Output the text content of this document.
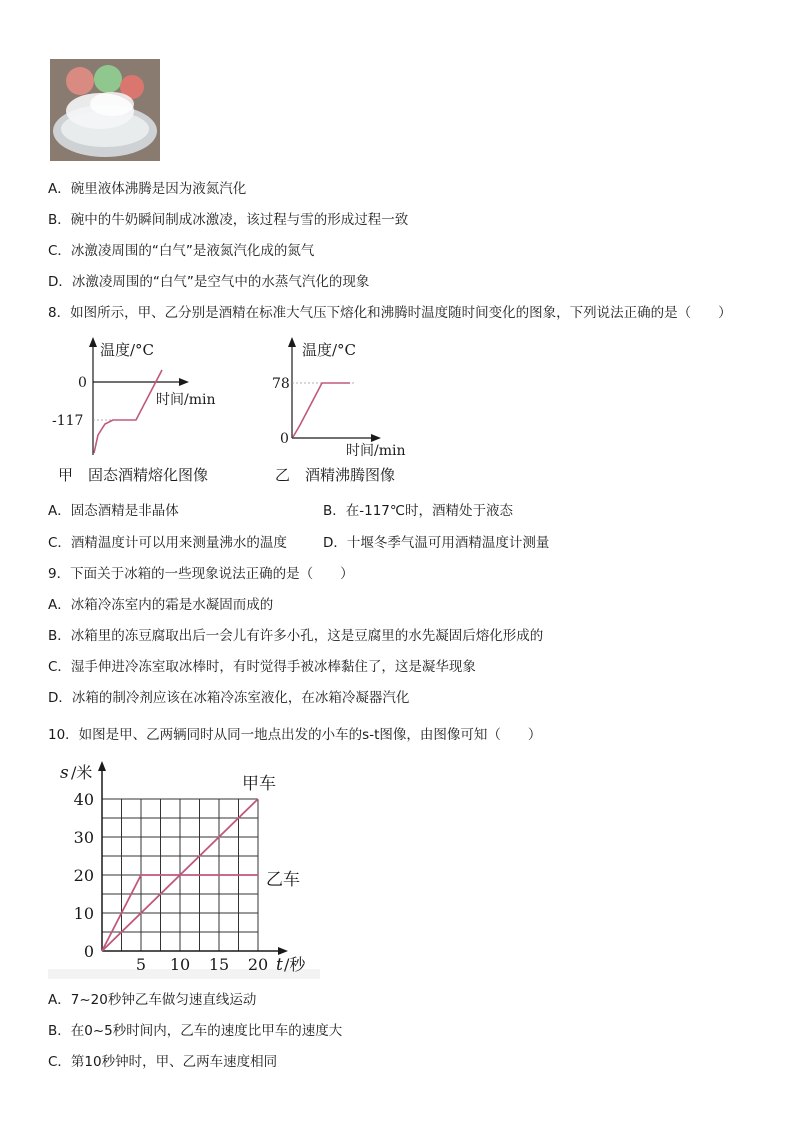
A．碗里液体沸腾是因为液氮汽化
B．碗中的牛奶瞬间制成冰激凌，该过程与雪的形成过程一致
C．冰激凌周围的“白气”是液氮汽化成的氮气
D．冰激凌周围的“白气”是空气中的水蒸气汽化的现象
8．如图所示，甲、乙分别是酒精在标准大气压下熔化和沸腾时温度随时间变化的图象，下列说法正确的是（　　）
温度/°C
时间/min
0
-117
甲　固态酒精熔化图像
温度/°C
时间/min
0
78
乙　酒精沸腾图像
A．固态酒精是非晶体	B．在-117℃时，酒精处于液态
C．酒精温度计可以用来测量沸水的温度	D．十堰冬季气温可用酒精温度计测量
9．下面关于冰箱的一些现象说法正确的是（　　）
A．冰箱冷冻室内的霜是水凝固而成的
B．冰箱里的冻豆腐取出后一会儿有许多小孔，这是豆腐里的水先凝固后熔化形成的
C．湿手伸进冷冻室取冰棒时，有时觉得手被冰棒黏住了，这是凝华现象
D．冰箱的制冷剂应该在冰箱冷冻室液化，在冰箱冷凝器汽化
10．如图是甲、乙两辆同时从同一地点出发的小车的s-t图像，由图像可知（　　）
5 10 15 20
10
20
30
40
0
s /米
t /秒
甲车
乙车
A．7~20秒钟乙车做匀速直线运动
B．在0~5秒时间内，乙车的速度比甲车的速度大
C．第10秒钟时，甲、乙两车速度相同
